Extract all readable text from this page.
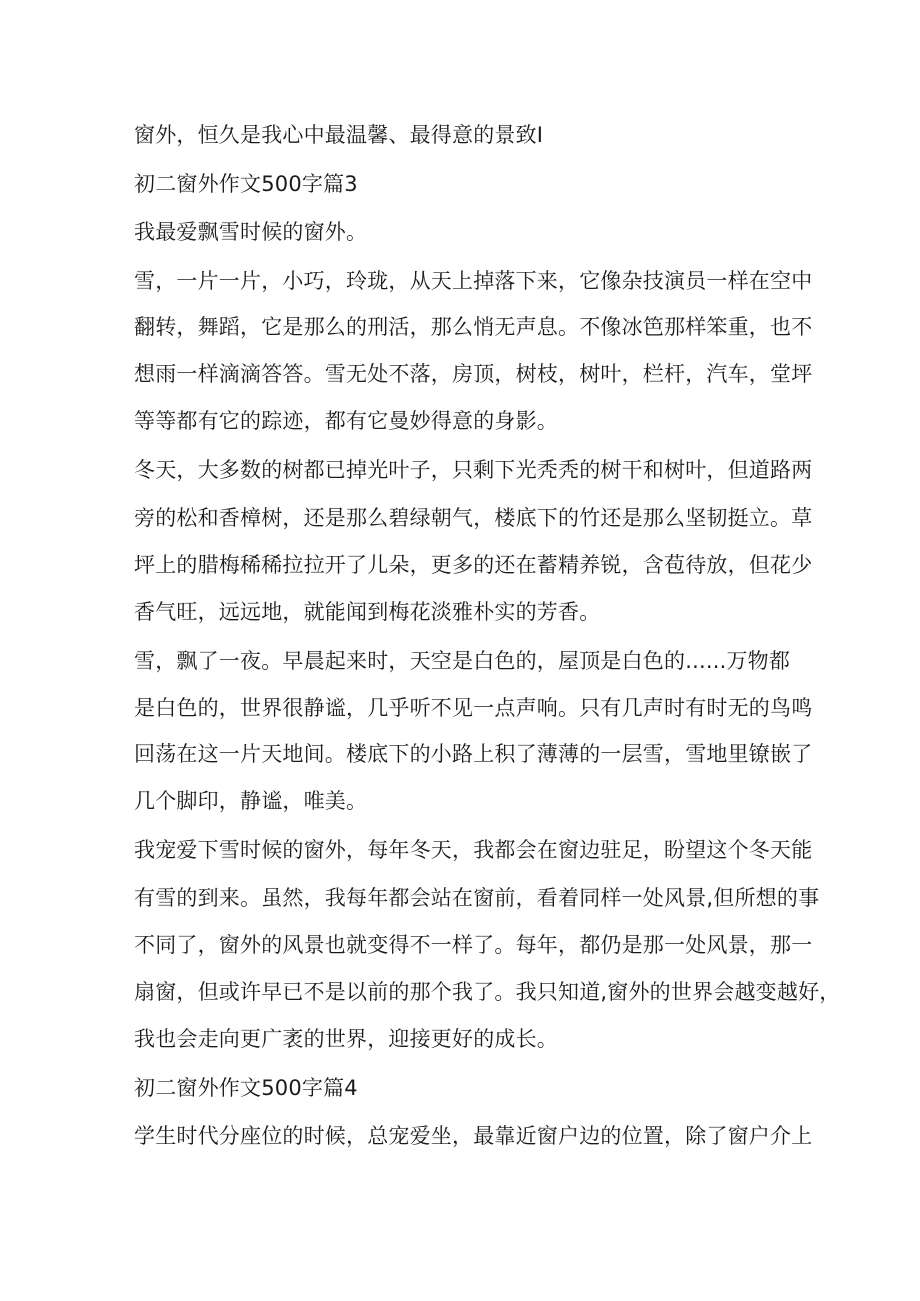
窗外，恒久是我心中最温馨、最得意的景致I

初二窗外作文500字篇3

我最爱飘雪时候的窗外。

雪，一片一片，小巧，玲珑，从天上掉落下来，它像杂技演员一样在空中

翻转，舞蹈，它是那么的刑活，那么悄无声息。不像冰笆那样笨重，也不

想雨一样滴滴答答。雪无处不落，房顶，树枝，树叶，栏杆，汽车，堂坪

等等都有它的踪迹，都有它曼妙得意的身影。

冬天，大多数的树都已掉光叶子，只剩下光秃秃的树干和树叶，但道路两

旁的松和香樟树，还是那么碧绿朝气，楼底下的竹还是那么坚韧挺立。草

坪上的腊梅稀稀拉拉开了儿朵，更多的还在蓄精养锐，含苞待放，但花少

香气旺，远远地，就能闻到梅花淡雅朴实的芳香。

雪，飘了一夜。早晨起来时，天空是白色的，屋顶是白色的......万物都

是白色的，世界很静谧，几乎听不见一点声响。只有几声时有时无的鸟鸣

回荡在这一片天地间。楼底下的小路上积了薄薄的一层雪，雪地里镣嵌了

几个脚印，静谧，唯美。

我宠爱下雪时候的窗外，每年冬天，我都会在窗边驻足，盼望这个冬天能

有雪的到来。虽然，我每年都会站在窗前，看着同样一处风景,但所想的事

不同了，窗外的风景也就变得不一样了。每年，都仍是那一处风景，那一

扇窗，但或许早已不是以前的那个我了。我只知道,窗外的世界会越变越好，

我也会走向更广袤的世界，迎接更好的成长。

初二窗外作文500字篇4

学生时代分座位的时候，总宠爱坐，最靠近窗户边的位置，除了窗户介上
